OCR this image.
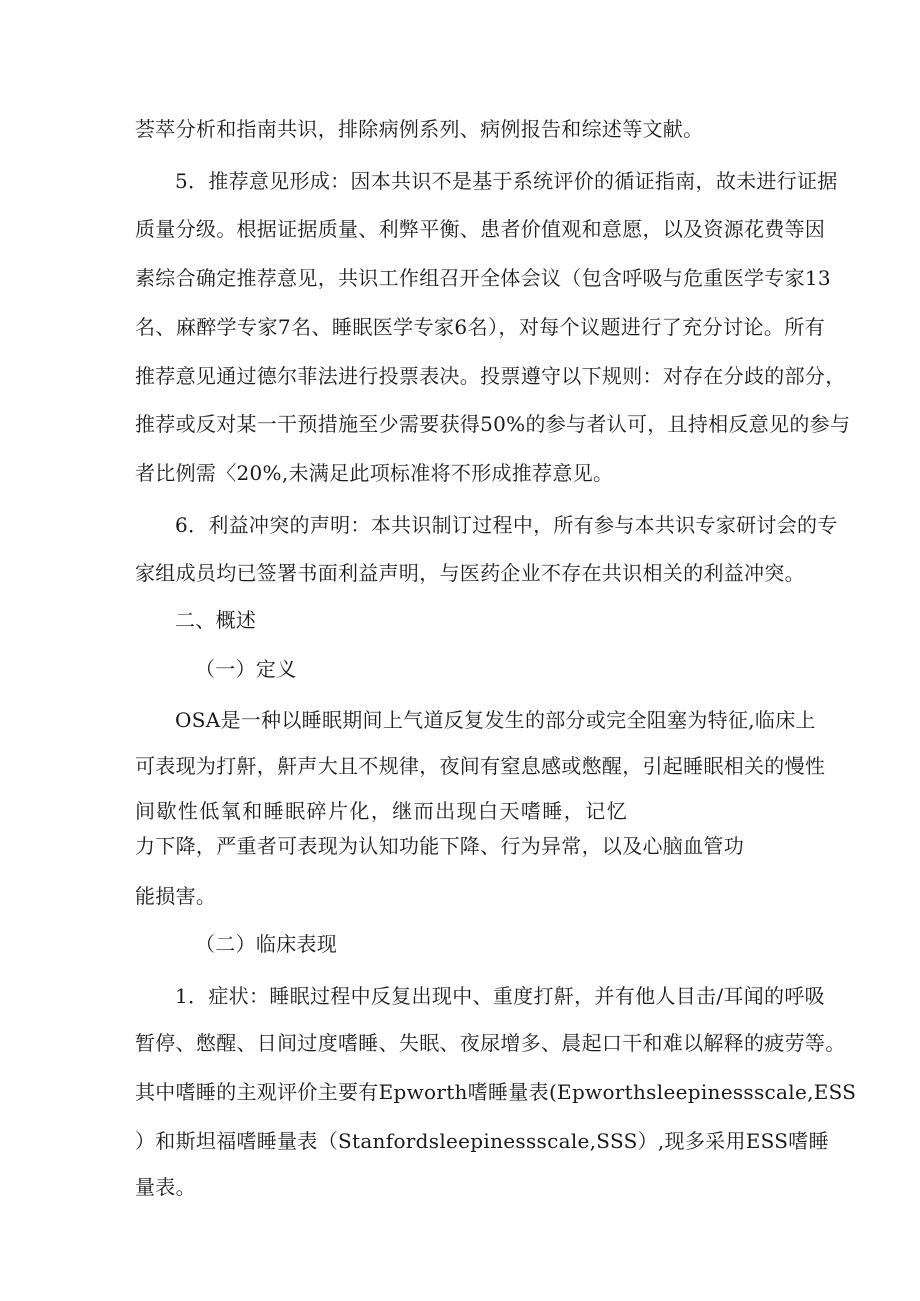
荟萃分析和指南共识，排除病例系列、病例报告和综述等文献。

5．推荐意见形成：因本共识不是基于系统评价的循证指南，故未进行证据

质量分级。根据证据质量、利弊平衡、患者价值观和意愿，以及资源花费等因

素综合确定推荐意见，共识工作组召开全体会议（包含呼吸与危重医学专家13

名、麻醉学专家7名、睡眠医学专家6名），对每个议题进行了充分讨论。所有

推荐意见通过德尔菲法进行投票表决。投票遵守以下规则：对存在分歧的部分，

推荐或反对某一干预措施至少需要获得50%的参与者认可，且持相反意见的参与

者比例需〈20%,未满足此项标准将不形成推荐意见。

6．利益冲突的声明：本共识制订过程中，所有参与本共识专家研讨会的专

家组成员均已签署书面利益声明，与医药企业不存在共识相关的利益冲突。

二、概述

（一）定义

OSA是一种以睡眠期间上气道反复发生的部分或完全阻塞为特征,临床上

可表现为打鼾，鼾声大且不规律，夜间有窒息感或憋醒，引起睡眠相关的慢性

间歇性低氧和睡眠碎片化，继而出现白天嗜睡，记忆

力下降，严重者可表现为认知功能下降、行为异常，以及心脑血管功

能损害。

（二）临床表现

1．症状：睡眠过程中反复出现中、重度打鼾，并有他人目击/耳闻的呼吸

暂停、憋醒、日间过度嗜睡、失眠、夜尿增多、晨起口干和难以解释的疲劳等。

其中嗜睡的主观评价主要有Epworth嗜睡量表(Epworthsleepinessscale,ESS

）和斯坦福嗜睡量表（Stanfordsleepinessscale,SSS）,现多采用ESS嗜睡

量表。
